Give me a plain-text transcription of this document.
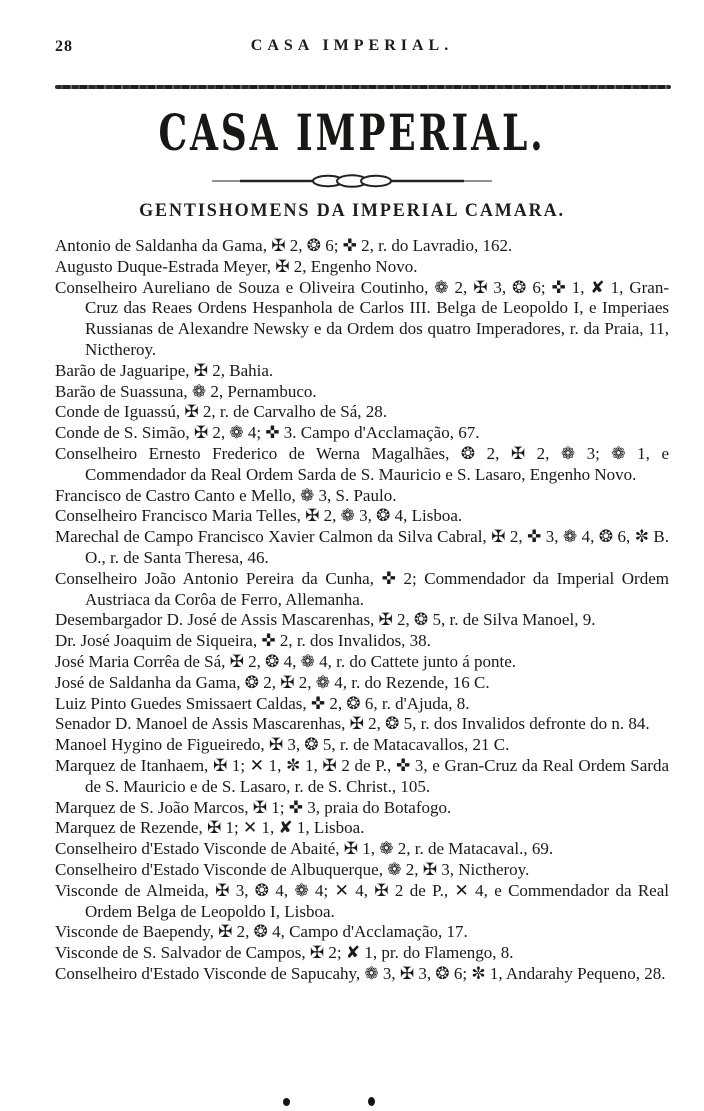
28	CASA IMPERIAL.
CASA IMPERIAL.
GENTISHOMENS DA IMPERIAL CAMARA.

Antonio de Saldanha da Gama, ✠ 2, ❂ 6; ✜ 2, r. do Lavradio, 162.

Augusto Duque-Estrada Meyer, ✠ 2, Engenho Novo.

Conselheiro Aureliano de Souza e Oliveira Coutinho, ❁ 2, ✠ 3, ❂ 6; ✜ 1, ✘ 1, Gran-Cruz das Reaes Ordens Hespanhola de Carlos III. Belga de Leopoldo I, e Imperiaes Russianas de Alexandre Newsky e da Ordem dos quatro Imperadores, r. da Praia, 11, Nictheroy.

Barão de Jaguaripe, ✠ 2, Bahia.

Barão de Suassuna, ❁ 2, Pernambuco.

Conde de Iguassú, ✠ 2, r. de Carvalho de Sá, 28.

Conde de S. Simão, ✠ 2, ❁ 4; ✜ 3. Campo d'Acclamação, 67.

Conselheiro Ernesto Frederico de Werna Magalhães, ❂ 2, ✠ 2, ❁ 3; ❁ 1, e Commendador da Real Ordem Sarda de S. Mauricio e S. Lasaro, Engenho Novo.

Francisco de Castro Canto e Mello, ❁ 3, S. Paulo.

Conselheiro Francisco Maria Telles, ✠ 2, ❁ 3, ❂ 4, Lisboa.

Marechal de Campo Francisco Xavier Calmon da Silva Cabral, ✠ 2, ✜ 3, ❁ 4, ❂ 6, ✼ B. O., r. de Santa Theresa, 46.

Conselheiro João Antonio Pereira da Cunha, ✜ 2; Commendador da Imperial Ordem Austriaca da Corôa de Ferro, Allemanha.

Desembargador D. José de Assis Mascarenhas, ✠ 2, ❂ 5, r. de Silva Manoel, 9.

Dr. José Joaquim de Siqueira, ✜ 2, r. dos Invalidos, 38.

José Maria Corrêa de Sá, ✠ 2, ❂ 4, ❁ 4, r. do Cattete junto á ponte.

José de Saldanha da Gama, ❂ 2, ✠ 2, ❁ 4, r. do Rezende, 16 C.

Luiz Pinto Guedes Smissaert Caldas, ✜ 2, ❂ 6, r. d'Ajuda, 8.

Senador D. Manoel de Assis Mascarenhas, ✠ 2, ❂ 5, r. dos Invalidos defronte do n. 84.

Manoel Hygino de Figueiredo, ✠ 3, ❂ 5, r. de Matacavallos, 21 C.

Marquez de Itanhaem, ✠ 1; ✕ 1, ✼ 1, ✠ 2 de P., ✜ 3, e Gran-Cruz da Real Ordem Sarda de S. Mauricio e de S. Lasaro, r. de S. Christ., 105.

Marquez de S. João Marcos, ✠ 1; ✜ 3, praia do Botafogo.

Marquez de Rezende, ✠ 1; ✕ 1, ✘ 1, Lisboa.

Conselheiro d'Estado Visconde de Abaité, ✠ 1, ❁ 2, r. de Matacaval., 69.

Conselheiro d'Estado Visconde de Albuquerque, ❁ 2, ✠ 3, Nictheroy.

Visconde de Almeida, ✠ 3, ❂ 4, ❁ 4; ✕ 4, ✠ 2 de P., ✕ 4, e Commendador da Real Ordem Belga de Leopoldo I, Lisboa.

Visconde de Baependy, ✠ 2, ❂ 4, Campo d'Acclamação, 17.

Visconde de S. Salvador de Campos, ✠ 2; ✘ 1, pr. do Flamengo, 8.

Conselheiro d'Estado Visconde de Sapucahy, ❁ 3, ✠ 3, ❂ 6; ✼ 1, Andarahy Pequeno, 28.
